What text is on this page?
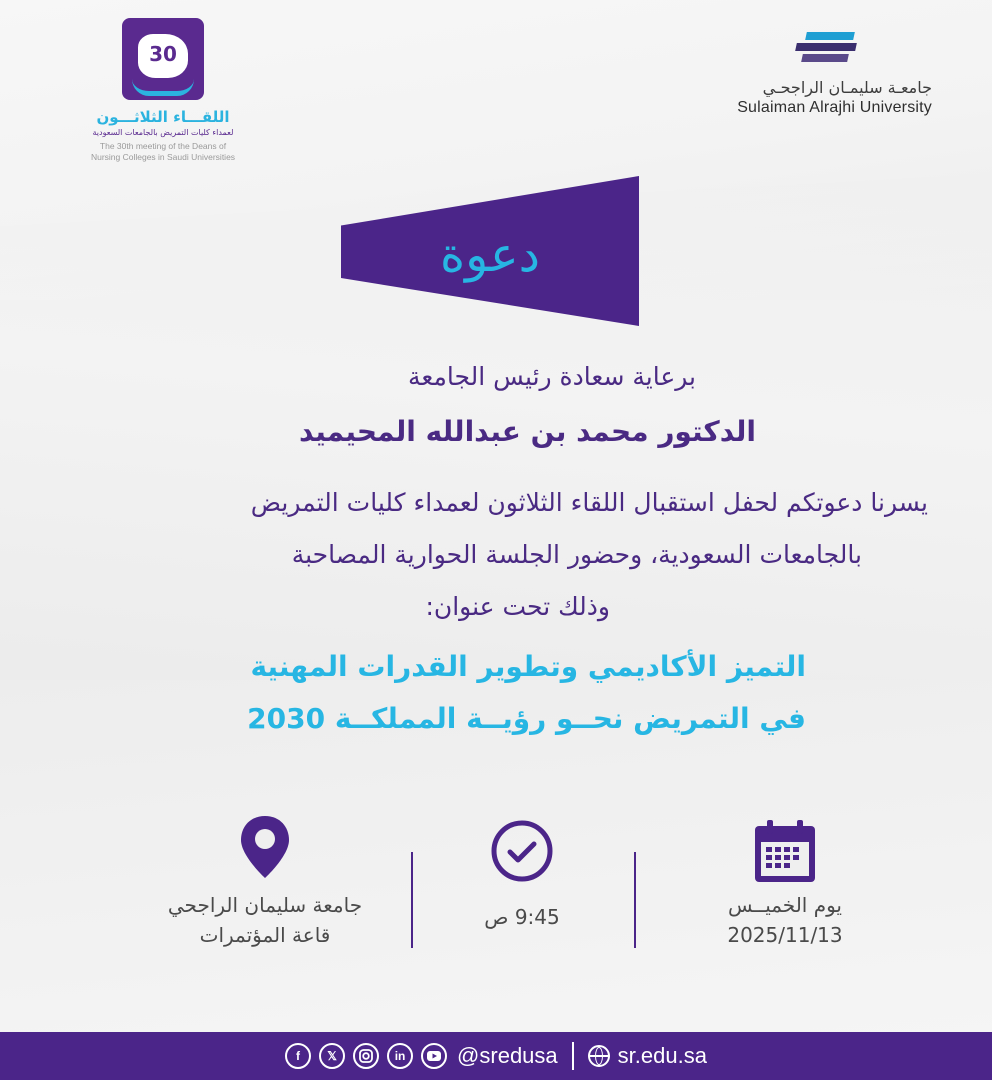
30
اللقـــاء الثلاثـــون
لعمداء كليات التمريض بالجامعات السعودية
The 30th meeting of the Deans of
Nursing Colleges in Saudi Universities
جامعـة سليمـان الراجحـي
Sulaiman Alrajhi University
دعوة
برعاية سعادة رئيس الجامعة
الدكتور محمد بن عبدالله المحيميد
يسرنا دعوتكم لحفل استقبال اللقاء الثلاثون لعمداء كليات التمريض
بالجامعات السعودية، وحضور الجلسة الحوارية المصاحبة
وذلك تحت عنوان:
التميز الأكاديمي وتطوير القدرات المهنية
في التمريض نحــو رؤيــة المملكــة 2030
يوم الخميــس
2025/11/13
9:45 ص
جامعة سليمان الراجحي
قاعة المؤتمرات
f 𝕏	in @sredusa	sr.edu.sa
